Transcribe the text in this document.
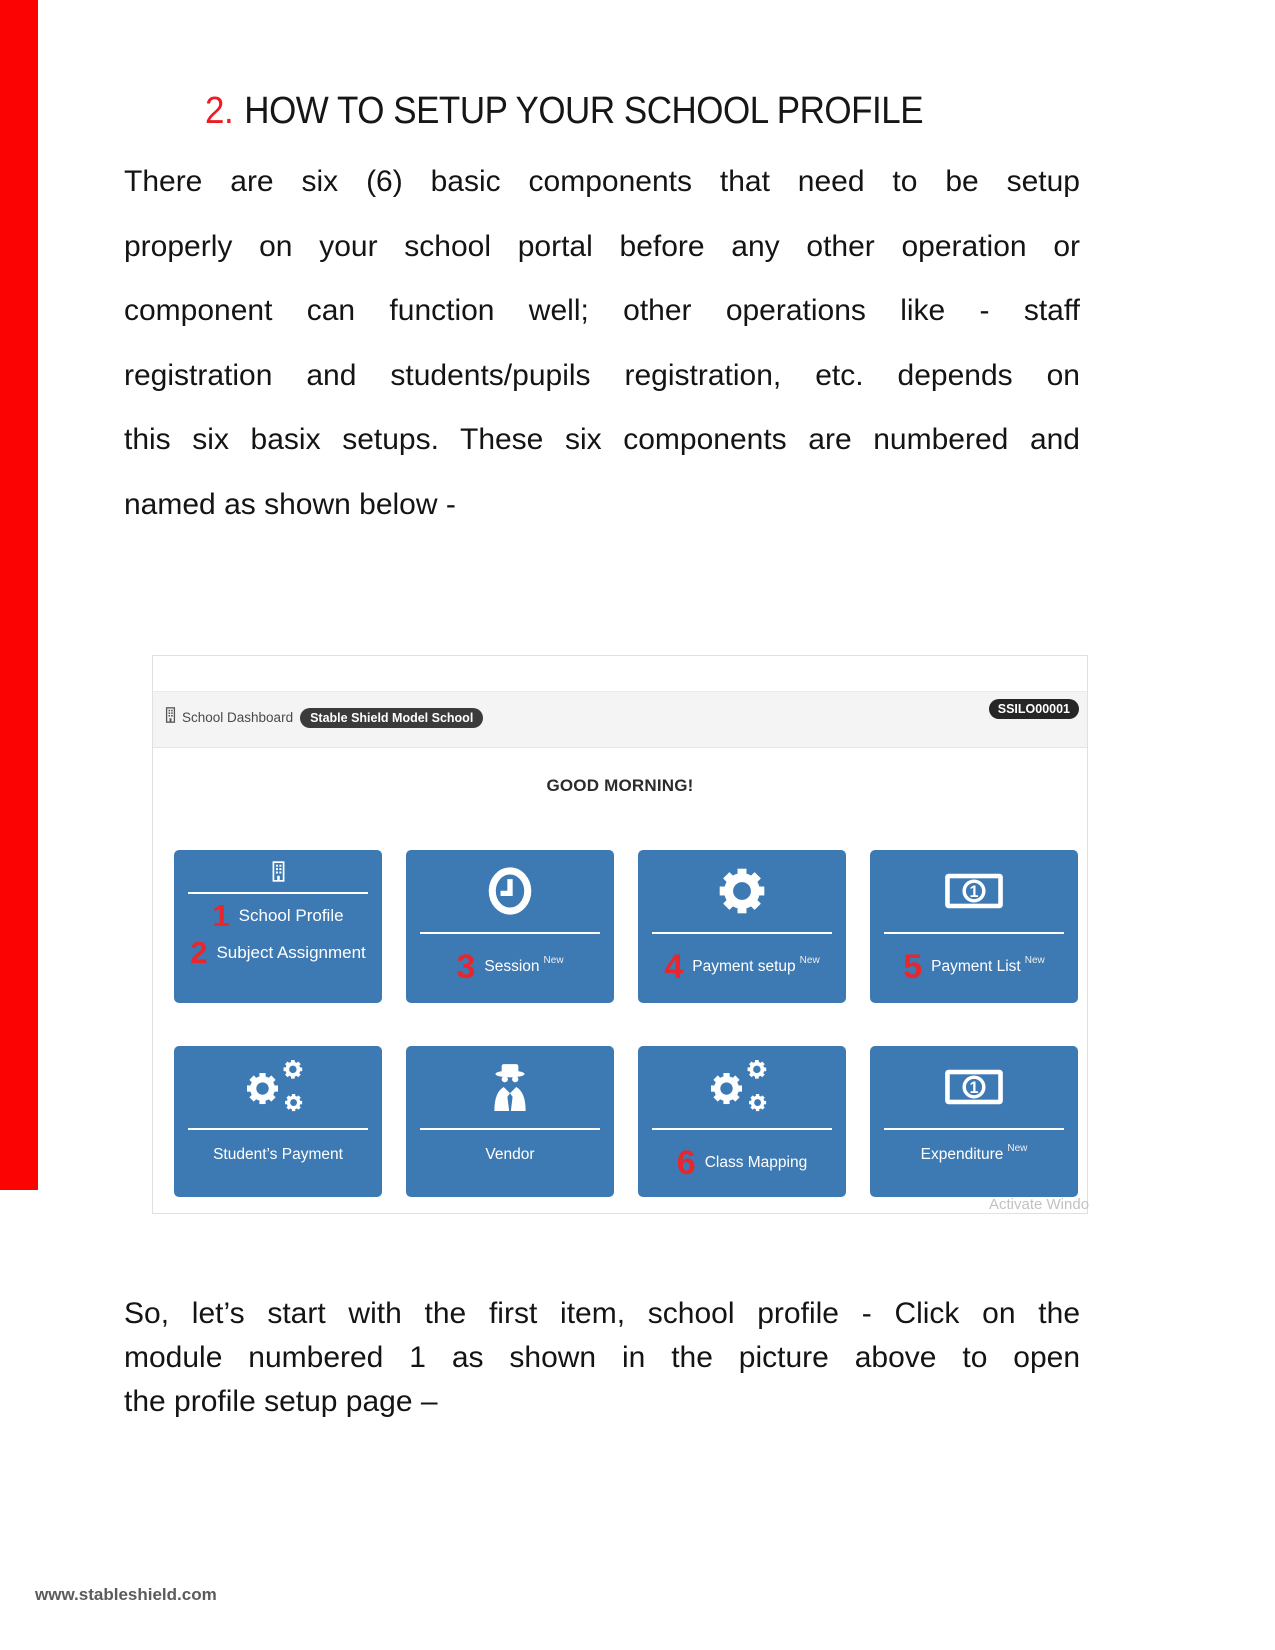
2. HOW TO SETUP YOUR SCHOOL PROFILE
There are six (6) basic components that need to be setup
properly on your school portal before any other operation or
component can function well; other operations like - staff
registration and students/pupils registration, etc. depends on
this six basix setups. These six components are numbered and
named as shown below -
School Dashboard	Stable Shield Model School
SSILO00001
GOOD MORNING!
1 School Profile
2 Subject Assignment	3 Session New	4 Payment setup New
1
5 Payment List New
Student’s Payment	Vendor	6 Class Mapping
1
Expenditure New
Activate Windo
So, let’s start with the first item, school profile - Click on the
module numbered 1 as shown in the picture above to open
the profile setup page –
www.stableshield.com
